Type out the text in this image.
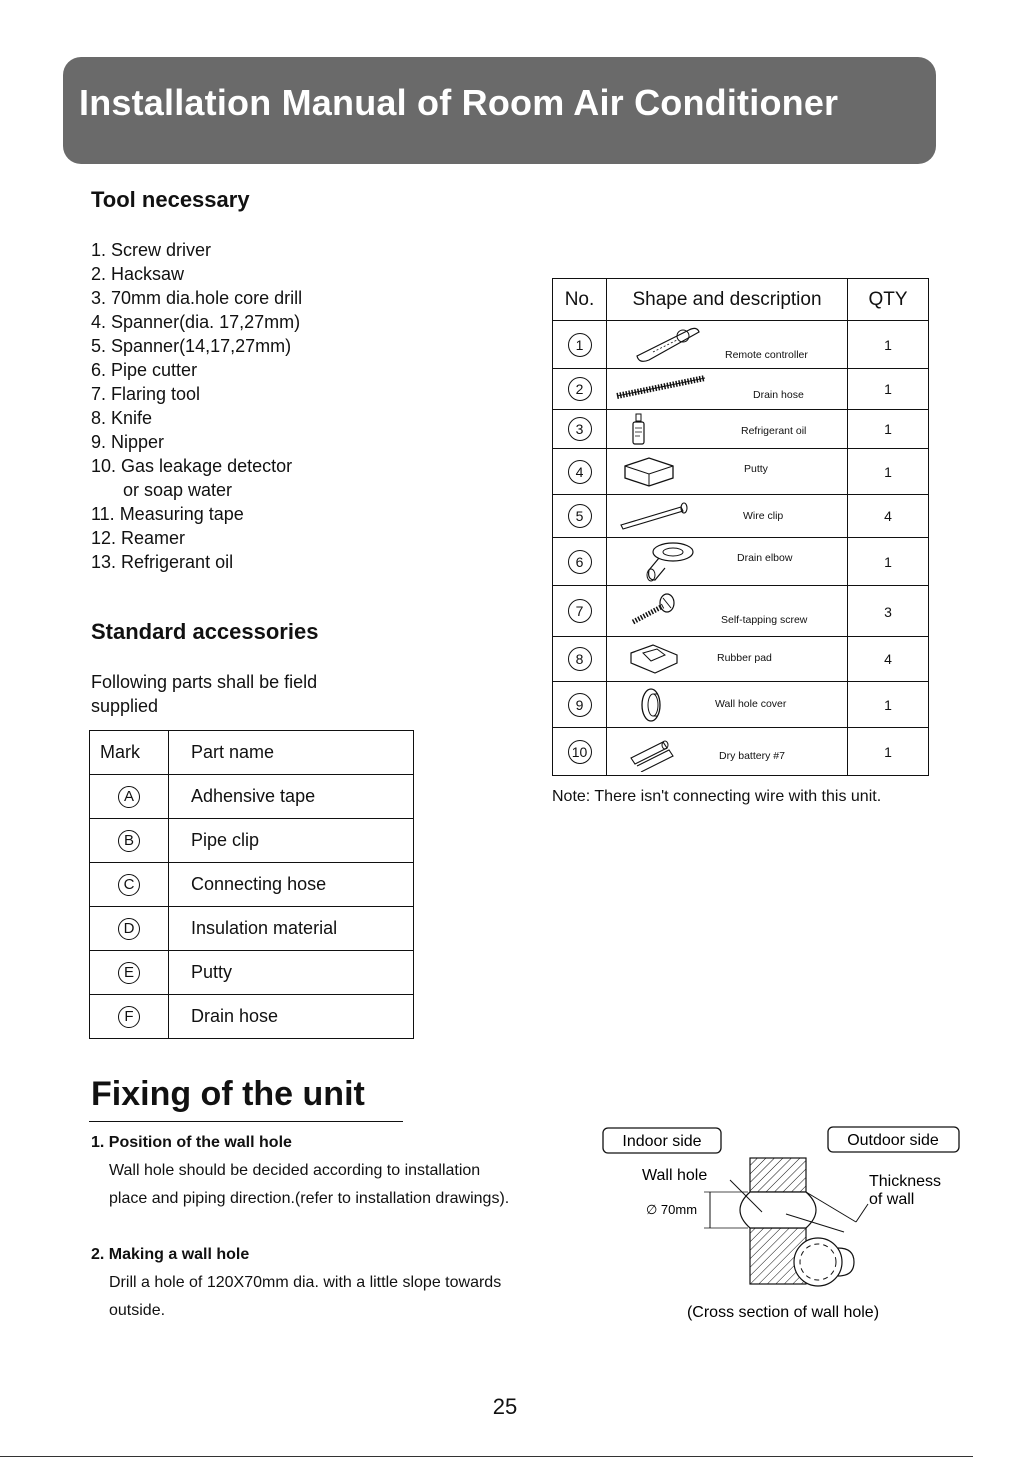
Installation Manual of Room Air Conditioner
Tool necessary
1. Screw driver
2. Hacksaw
3. 70mm dia.hole core drill
4. Spanner(dia. 17,27mm)
5. Spanner(14,17,27mm)
6. Pipe cutter
7. Flaring tool
8. Knife
9. Nipper
10. Gas leakage detector
or soap water
11. Measuring tape
12. Reamer
13. Refrigerant oil
Standard accessories
Following parts shall be field
supplied
Mark	Part name
A	Adhensive tape
B	Pipe clip
C	Connecting hose
D	Insulation material
E	Putty
F	Drain hose
No.	Shape and description	QTY
1	Remote controller	1
2	Drain hose	1
3	Refrigerant oil	1
4	Putty	1
5	Wire clip	4
6	Drain elbow	1
7	Self-tapping screw	3
8	Rubber pad	4
9	Wall hole cover	1
10	Dry battery #7	1
Note: There isn't connecting wire with this unit.
Fixing of the unit
1. Position of the wall hole
Wall hole should be decided according to installation
place and piping direction.(refer to installation drawings).
2. Making a wall hole
Drill a hole of 120X70mm dia. with a little slope towards
outside.
Indoor side	Outdoor side
Wall hole	Thickness
of wall
∅ 70mm
(Cross section of wall hole)
25
